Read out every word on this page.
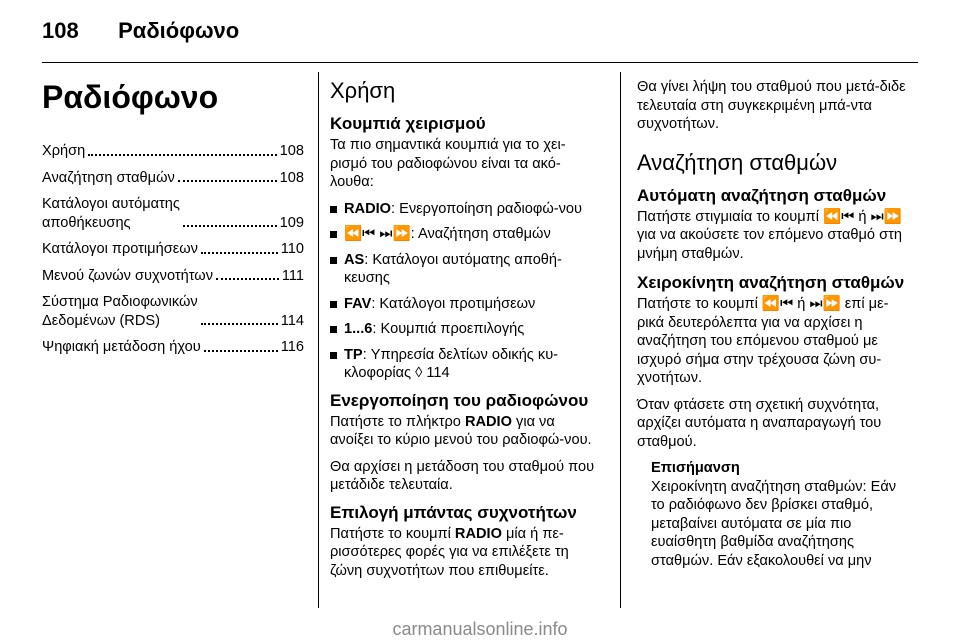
108 Ραδιόφωνο
Ραδιόφωνο
Χρήση	108
Αναζήτηση σταθμών	108
Κατάλογοι αυτόματης
αποθήκευσης	109
Κατάλογοι προτιμήσεων	110
Μενού ζωνών συχνοτήτων	111
Σύστημα Ραδιοφωνικών
Δεδομένων (RDS)	114
Ψηφιακή μετάδοση ήχου	116
Χρήση
Κουμπιά χειρισμού
Τα πιο σημαντικά κουμπιά για το χει-ρισμό του ραδιοφώνου είναι τα ακό-λουθα:
RADIO: Ενεργοποίηση ραδιοφώ-νου
⏪⏮ ⏭⏩: Αναζήτηση σταθμών
AS: Κατάλογοι αυτόματης αποθή-κευσης
FAV: Κατάλογοι προτιμήσεων
1...6: Κουμπιά προεπιλογής
TP: Υπηρεσία δελτίων οδικής κυ-κλοφορίας ◊ 114
Ενεργοποίηση του ραδιοφώνου
Πατήστε το πλήκτρο RADIO για να ανοίξει το κύριο μενού του ραδιοφώ-νου.
Θα αρχίσει η μετάδοση του σταθμού που μετάδιδε τελευταία.
Επιλογή μπάντας συχνοτήτων
Πατήστε το κουμπί RADIO μία ή πε-ρισσότερες φορές για να επιλέξετε τη ζώνη συχνοτήτων που επιθυμείτε.
Θα γίνει λήψη του σταθμού που μετά-διδε τελευταία στη συγκεκριμένη μπά-ντα συχνοτήτων.
Αναζήτηση σταθμών
Αυτόματη αναζήτηση σταθμών
Πατήστε στιγμιαία το κουμπί ⏪⏮ ή ⏭⏩ για να ακούσετε τον επόμενο σταθμό στη μνήμη σταθμών.
Χειροκίνητη αναζήτηση σταθμών
Πατήστε το κουμπί ⏪⏮ ή ⏭⏩ επί με-ρικά δευτερόλεπτα για να αρχίσει η αναζήτηση του επόμενου σταθμού με ισχυρό σήμα στην τρέχουσα ζώνη συ-χνοτήτων.
Όταν φτάσετε στη σχετική συχνότητα, αρχίζει αυτόματα η αναπαραγωγή του σταθμού.
Επισήμανση
Χειροκίνητη αναζήτηση σταθμών: Εάν το ραδιόφωνο δεν βρίσκει σταθμό, μεταβαίνει αυτόματα σε μία πιο ευαίσθητη βαθμίδα αναζήτησης σταθμών. Εάν εξακολουθεί να μην
carmanualsonline.info
